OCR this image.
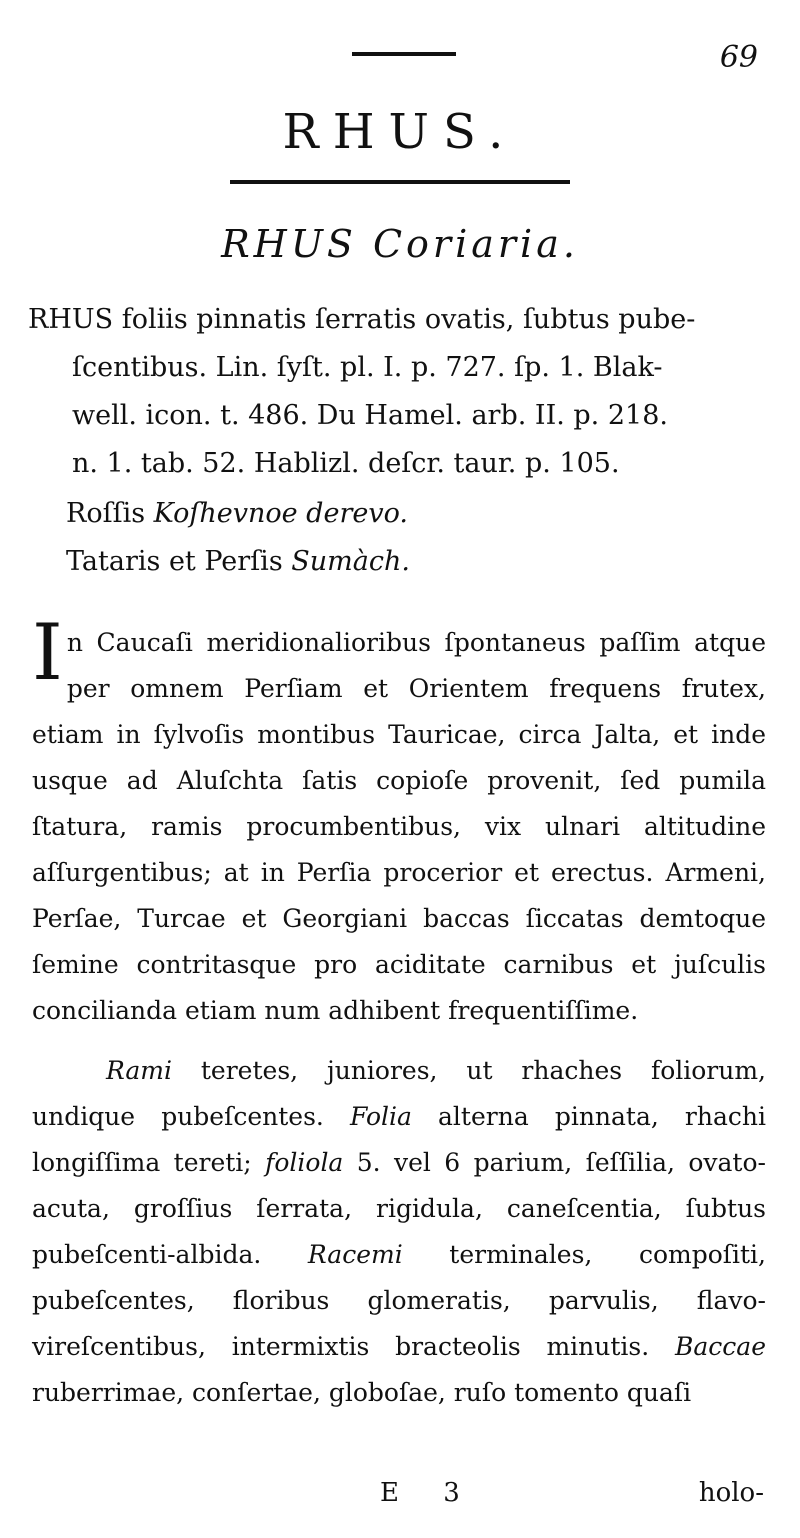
69
RHUS.
RHUS Coriaria.
RHUS foliis pinnatis ſerratis ovatis, ſubtus pube-

ſcentibus. Lin. ſyſt. pl. I. p. 727. ſp. 1. Blak-
well. icon. t. 486. Du Hamel. arb. II. p. 218.
n. 1. tab. 52. Hablizl. deſcr. taur. p. 105.
Roſſis Koſhevnoe derevo.
Tataris et Perſis Sumàch.
In Caucaſi meridionalioribus ſpontaneus paſſim atque per omnem Perſiam et Orientem frequens frutex, etiam in ſylvoſis montibus Tauricae, circa Jalta, et inde usque ad Aluſchta ſatis copioſe provenit, ſed pumila ſtatura, ramis procumbentibus, vix ulnari altitudine aſſurgentibus; at in Perſia procerior et erectus. Armeni, Perſae, Turcae et Georgiani baccas ſiccatas demtoque ſemine contritasque pro aciditate carnibus et juſculis concilianda etiam num adhibent frequentiſſime.
Rami teretes, juniores, ut rhaches foliorum, undique pubeſcentes. Folia alterna pinnata, rhachi longiſſima tereti; foliola 5. vel 6 parium, ſeſſilia, ovato-acuta, groſſius ſerrata, rigidula, caneſcentia, ſubtus pubeſcenti-albida. Racemi terminales, compoſiti, pubeſcentes, floribus glomeratis, parvulis, flavo-vireſcentibus, intermixtis bracteolis minutis. Baccae ruberrimae, conſertae, globoſae, ruſo tomento quaſi
E 3	holo-
